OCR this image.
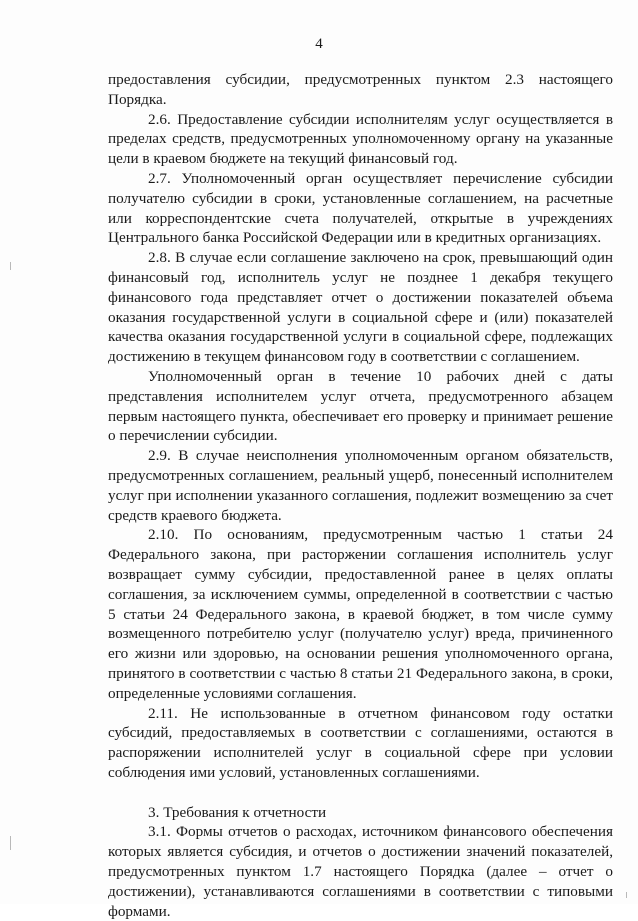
4

предоставления субсидии, предусмотренных пунктом 2.3 настоящего Порядка.

2.6. Предоставление субсидии исполнителям услуг осуществляется в пределах средств, предусмотренных уполномоченному органу на указанные цели в краевом бюджете на текущий финансовый год.

2.7. Уполномоченный орган осуществляет перечисление субсидии получателю субсидии в сроки, установленные соглашением, на расчетные или корреспондентские счета получателей, открытые в учреждениях Центрального банка Российской Федерации или в кредитных организациях.

2.8. В случае если соглашение заключено на срок, превышающий один финансовый год, исполнитель услуг не позднее 1 декабря текущего финансового года представляет отчет о достижении показателей объема оказания государственной услуги в социальной сфере и (или) показателей качества оказания государственной услуги в социальной сфере, подлежащих достижению в текущем финансовом году в соответствии с соглашением.

Уполномоченный орган в течение 10 рабочих дней с даты представления исполнителем услуг отчета, предусмотренного абзацем первым настоящего пункта, обеспечивает его проверку и принимает решение о перечислении субсидии.

2.9. В случае неисполнения уполномоченным органом обязательств, предусмотренных соглашением, реальный ущерб, понесенный исполнителем услуг при исполнении указанного соглашения, подлежит возмещению за счет средств краевого бюджета.

2.10. По основаниям, предусмотренным частью 1 статьи 24 Федерального закона, при расторжении соглашения исполнитель услуг возвращает сумму субсидии, предоставленной ранее в целях оплаты соглашения, за исключением суммы, определенной в соответствии с частью 5 статьи 24 Федерального закона, в краевой бюджет, в том числе сумму возмещенного потребителю услуг (получателю услуг) вреда, причиненного его жизни или здоровью, на основании решения уполномоченного органа, принятого в соответствии с частью 8 статьи 21 Федерального закона, в сроки, определенные условиями соглашения.

2.11. Не использованные в отчетном финансовом году остатки субсидий, предоставляемых в соответствии с соглашениями, остаются в распоряжении исполнителей услуг в социальной сфере при условии соблюдения ими условий, установленных соглашениями.

3. Требования к отчетности

3.1. Формы отчетов о расходах, источником финансового обеспечения которых является субсидия, и отчетов о достижении значений показателей, предусмотренных пунктом 1.7 настоящего Порядка (далее – отчет о достижении), устанавливаются соглашениями в соответствии с типовыми формами.
